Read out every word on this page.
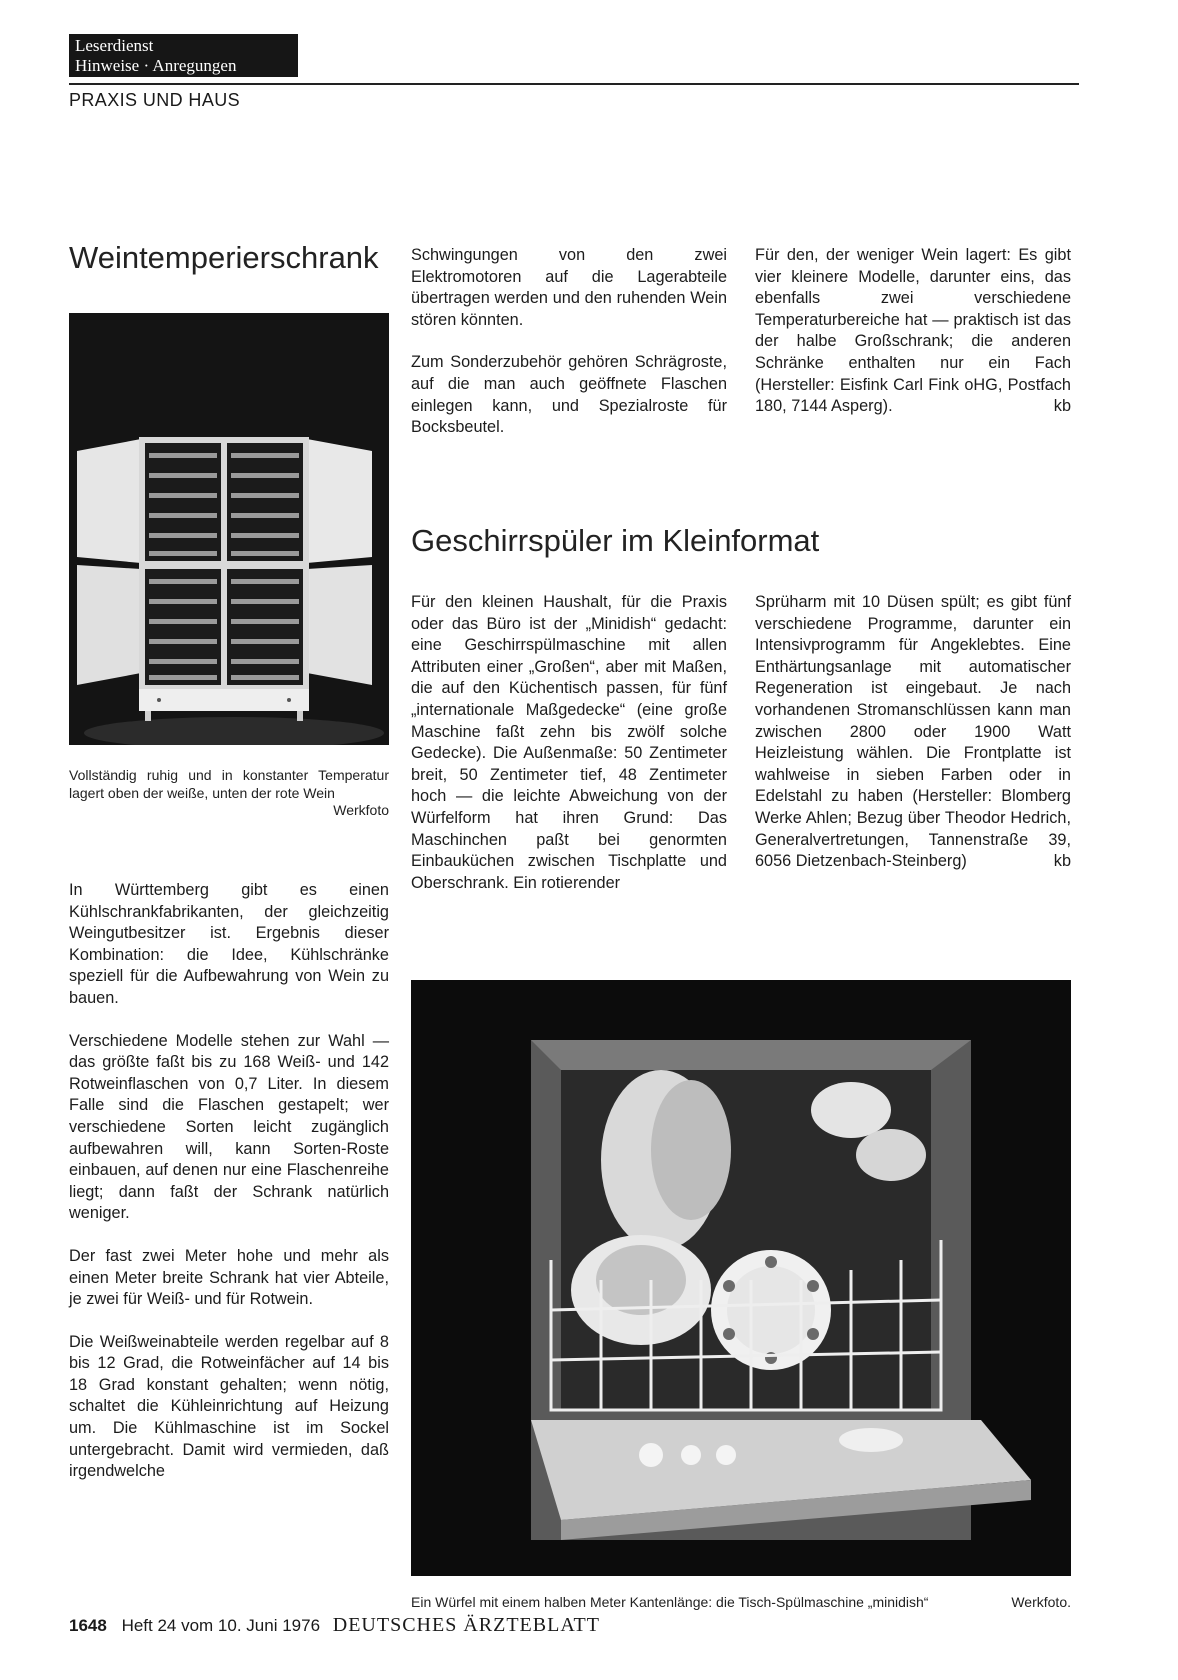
Leserdienst
Hinweise · Anregungen
PRAXIS UND HAUS
Weintemperierschrank
Vollständig ruhig und in konstanter Temperatur lagert oben der weiße, unten der rote Wein
Werkfoto

In Württemberg gibt es einen Kühlschrankfabrikanten, der gleichzeitig Weingutbesitzer ist. Ergebnis dieser Kombination: die Idee, Kühlschränke speziell für die Aufbewahrung von Wein zu bauen.

Verschiedene Modelle stehen zur Wahl — das größte faßt bis zu 168 Weiß- und 142 Rotweinflaschen von 0,7 Liter. In diesem Falle sind die Flaschen gestapelt; wer verschiedene Sorten leicht zugänglich aufbewahren will, kann Sorten-Roste einbauen, auf denen nur eine Flaschenreihe liegt; dann faßt der Schrank natürlich weniger.

Der fast zwei Meter hohe und mehr als einen Meter breite Schrank hat vier Abteile, je zwei für Weiß- und für Rotwein.

Die Weißweinabteile werden regelbar auf 8 bis 12 Grad, die Rotweinfächer auf 14 bis 18 Grad konstant gehalten; wenn nötig, schaltet die Kühleinrichtung auf Heizung um. Die Kühlmaschine ist im Sockel untergebracht. Damit wird vermieden, daß irgendwelche

Schwingungen von den zwei Elektromotoren auf die Lagerabteile übertragen werden und den ruhenden Wein stören könnten.

Zum Sonderzubehör gehören Schrägroste, auf die man auch geöffnete Flaschen einlegen kann, und Spezialroste für Bocksbeutel.

Für den, der weniger Wein lagert: Es gibt vier kleinere Modelle, darunter eins, das ebenfalls zwei verschiedene Temperaturbereiche hat — praktisch ist das der halbe Großschrank; die anderen Schränke enthalten nur ein Fach (Hersteller: Eisfink Carl Fink oHG, Postfach 180, 7144 Asperg).	kb

Geschirrspüler im Kleinformat

Für den kleinen Haushalt, für die Praxis oder das Büro ist der „Minidish“ gedacht: eine Geschirrspülmaschine mit allen Attributen einer „Großen“, aber mit Maßen, die auf den Küchentisch passen, für fünf „internationale Maßgedecke“ (eine große Maschine faßt zehn bis zwölf solche Gedecke). Die Außenmaße: 50 Zentimeter breit, 50 Zentimeter tief, 48 Zentimeter hoch — die leichte Abweichung von der Würfelform hat ihren Grund: Das Maschinchen paßt bei genormten Einbauküchen zwischen Tischplatte und Oberschrank. Ein rotierender

Sprüharm mit 10 Düsen spült; es gibt fünf verschiedene Programme, darunter ein Intensivprogramm für Angeklebtes. Eine Enthärtungsanlage mit automatischer Regeneration ist eingebaut. Je nach vorhandenen Stromanschlüssen kann man zwischen 2800 oder 1900 Watt Heizleistung wählen. Die Frontplatte ist wahlweise in sieben Farben oder in Edelstahl zu haben (Hersteller: Blomberg Werke Ahlen; Bezug über Theodor Hedrich, Generalvertretungen, Tannenstraße 39, 6056 Dietzenbach-Steinberg)	kb

Ein Würfel mit einem halben Meter Kantenlänge: die Tisch-Spülmaschine „minidish“	Werkfoto.
1648 Heft 24 vom 10. Juni 1976 DEUTSCHES ÄRZTEBLATT
